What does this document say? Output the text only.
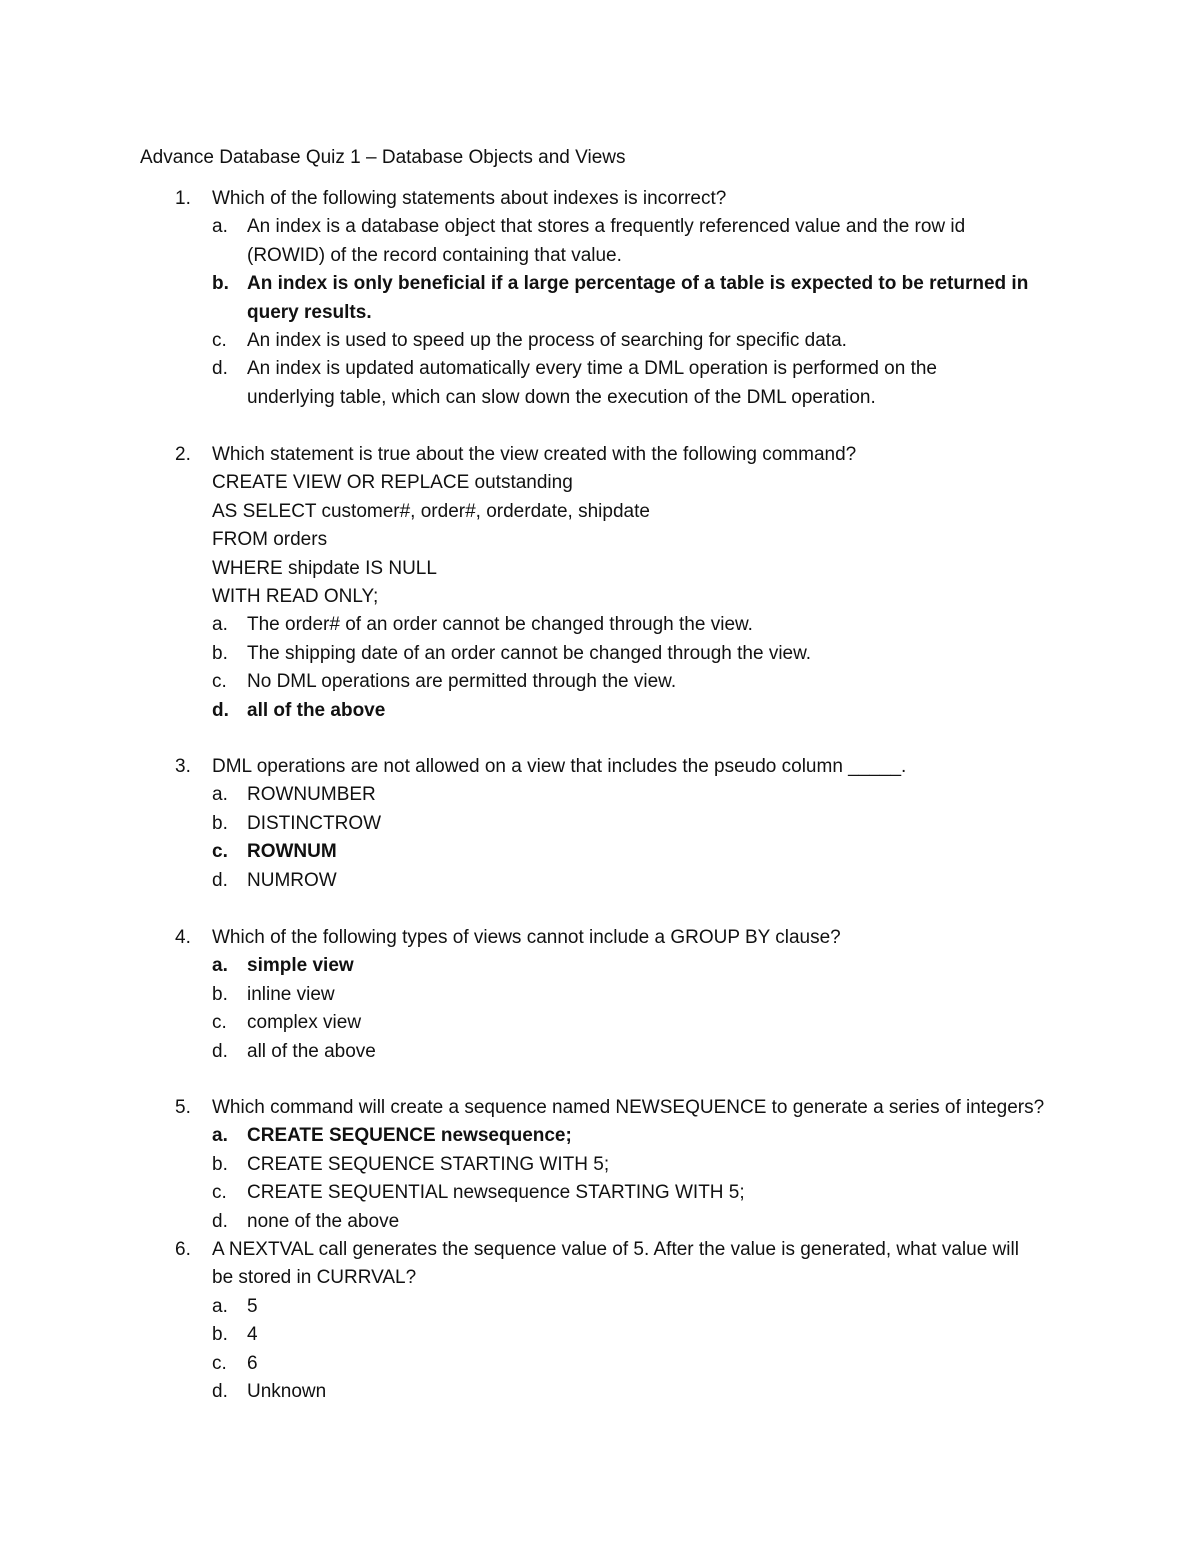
Advance Database Quiz 1 – Database Objects and Views
1. Which of the following statements about indexes is incorrect?
a. An index is a database object that stores a frequently referenced value and the row id
(ROWID) of the record containing that value.
b. An index is only beneficial if a large percentage of a table is expected to be returned in
query results.
c. An index is used to speed up the process of searching for specific data.
d. An index is updated automatically every time a DML operation is performed on the
underlying table, which can slow down the execution of the DML operation.
2. Which statement is true about the view created with the following command?
CREATE VIEW OR REPLACE outstanding
AS SELECT customer#, order#, orderdate, shipdate
FROM orders
WHERE shipdate IS NULL
WITH READ ONLY;
a. The order# of an order cannot be changed through the view.
b. The shipping date of an order cannot be changed through the view.
c. No DML operations are permitted through the view.
d. all of the above
3. DML operations are not allowed on a view that includes the pseudo column _____.
a. ROWNUMBER
b. DISTINCTROW
c. ROWNUM
d. NUMROW
4. Which of the following types of views cannot include a GROUP BY clause?
a. simple view
b. inline view
c. complex view
d. all of the above
5. Which command will create a sequence named NEWSEQUENCE to generate a series of integers?
a. CREATE SEQUENCE newsequence;
b. CREATE SEQUENCE STARTING WITH 5;
c. CREATE SEQUENTIAL newsequence STARTING WITH 5;
d. none of the above
6. A NEXTVAL call generates the sequence value of 5. After the value is generated, what value will
be stored in CURRVAL?
a. 5
b. 4
c. 6
d. Unknown
